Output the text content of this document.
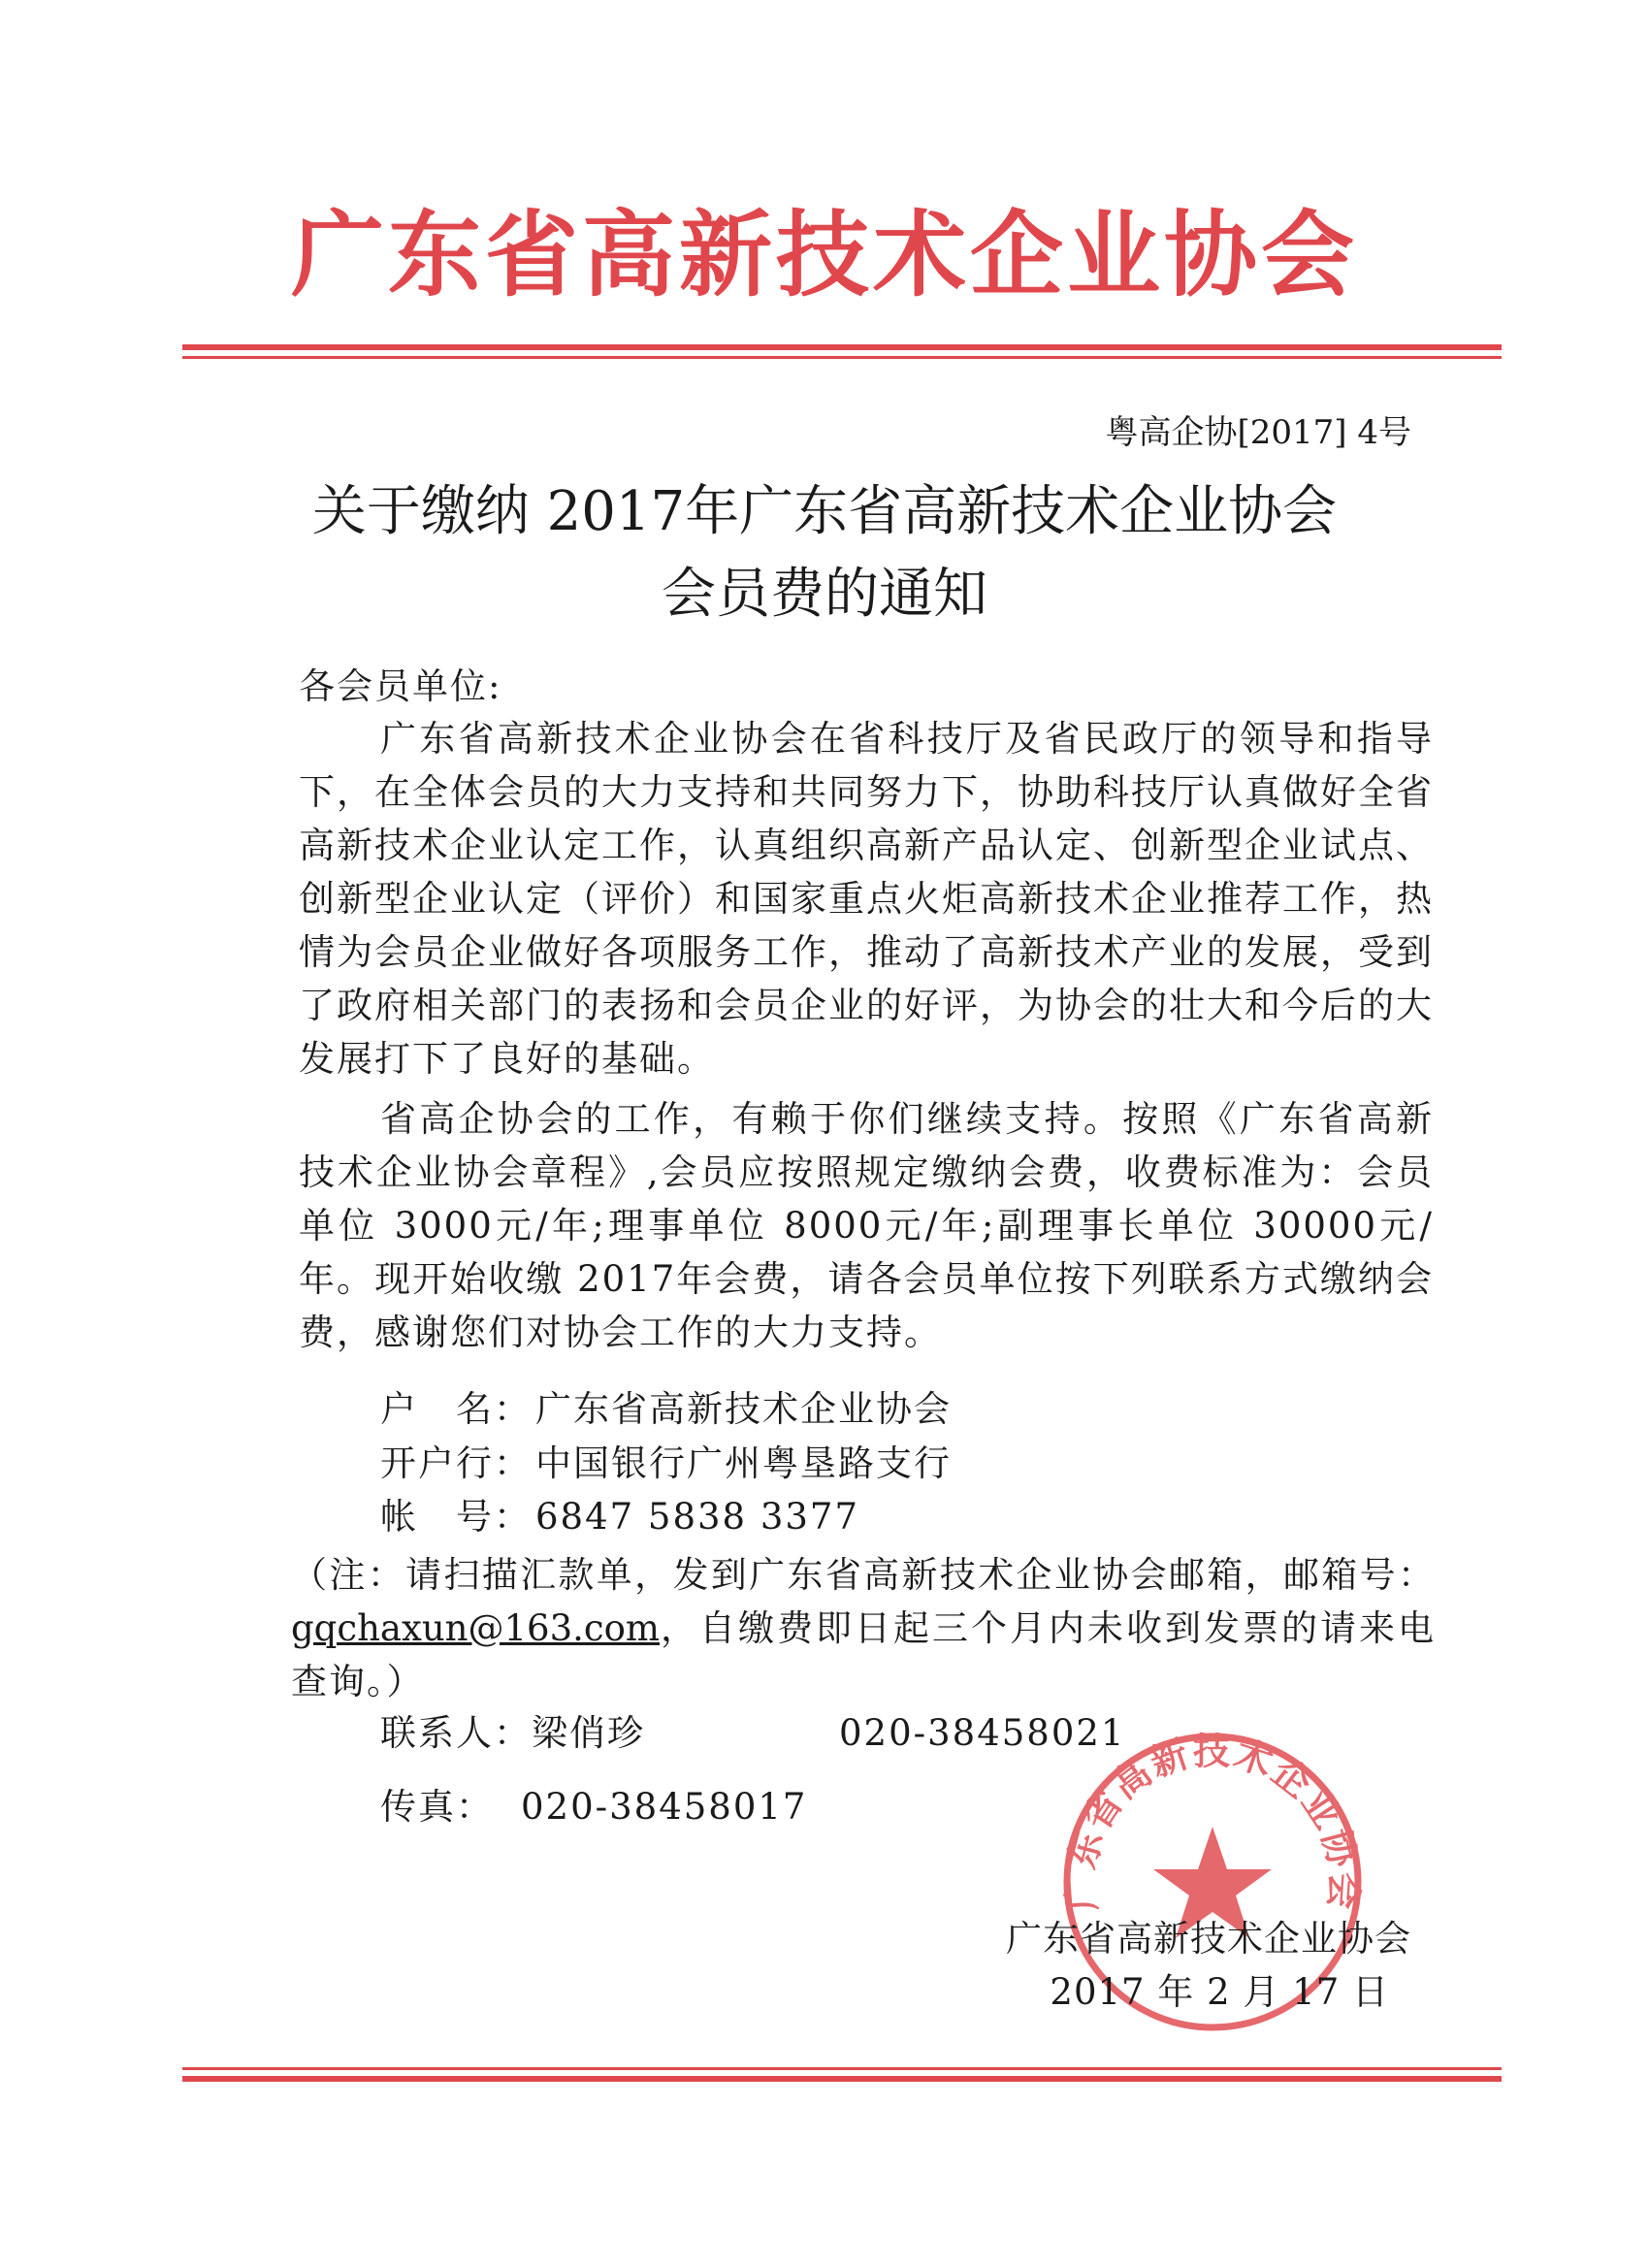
广东省高新技术企业协会
粤高企协[2017] 4号
关于缴纳 2017年广东省高新技术企业协会
会员费的通知
各会员单位:
广东省高新技术企业协会在省科技厅及省民政厅的领导和指导下，在全体会员的大力支持和共同努力下，协助科技厅认真做好全省高新技术企业认定工作，认真组织高新产品认定、创新型企业试点、创新型企业认定（评价）和国家重点火炬高新技术企业推荐工作，热情为会员企业做好各项服务工作，推动了高新技术产业的发展，受到了政府相关部门的表扬和会员企业的好评，为协会的壮大和今后的大发展打下了良好的基础。
省高企协会的工作，有赖于你们继续支持。按照《广东省高新技术企业协会章程》,会员应按照规定缴纳会费，收费标准为：会员单位 3000元/年;理事单位 8000元/年;副理事长单位 30000元/年。现开始收缴 2017年会费，请各会员单位按下列联系方式缴纳会费，感谢您们对协会工作的大力支持。
户　名： 广东省高新技术企业协会
开户行： 中国银行广州粤垦路支行
帐　号： 6847 5838 3377
（注：请扫描汇款单，发到广东省高新技术企业协会邮箱，邮箱号：gqchaxun@163.com，自缴费即日起三个月内未收到发票的请来电查询。）
联系人：梁俏珍	020-38458021
传真： 020-38458017
广东省高新技术企业协会
广东省高新技术企业协会
2017 年 2 月 17 日
